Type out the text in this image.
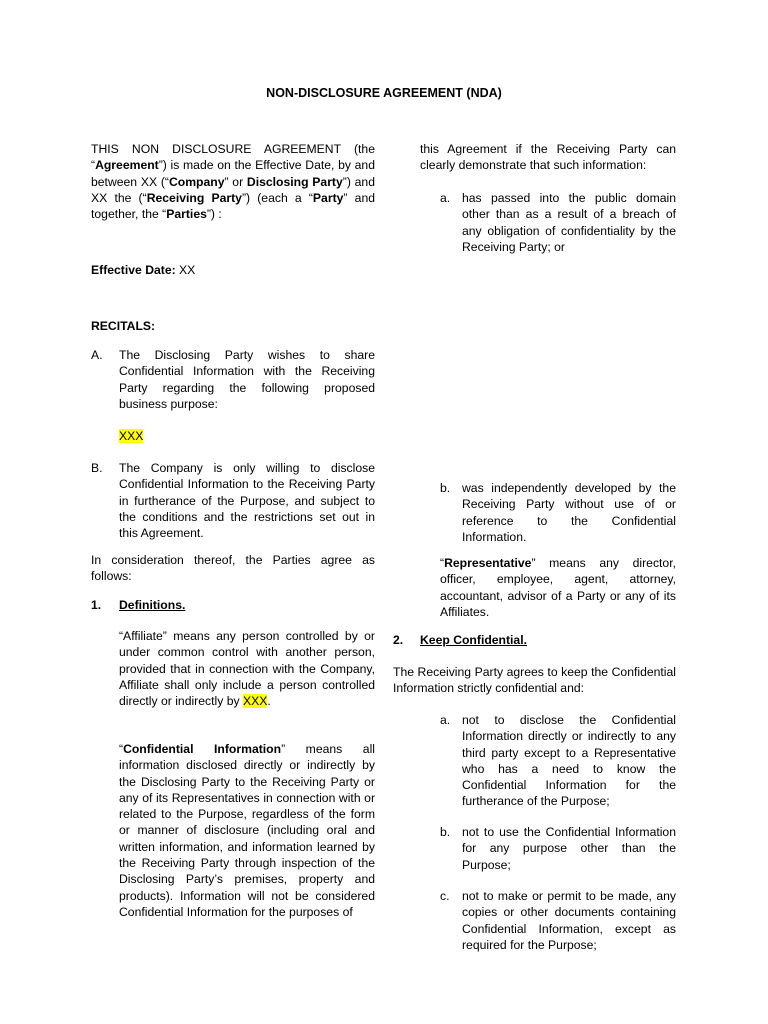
NON-DISCLOSURE AGREEMENT (NDA)
THIS NON DISCLOSURE AGREEMENT (the “Agreement”) is made on the Effective Date, by and between XX (“Company” or Disclosing Party”) and XX the (“Receiving Party”) (each a “Party” and together, the “Parties”) :
Effective Date: XX
RECITALS:
A. The Disclosing Party wishes to share Confidential Information with the Receiving Party regarding the following proposed business purpose:
XXX
B. The Company is only willing to disclose Confidential Information to the Receiving Party in furtherance of the Purpose, and subject to the conditions and the restrictions set out in this Agreement.
In consideration thereof, the Parties agree as follows:
1. Definitions.
“Affiliate” means any person controlled by or under common control with another person, provided that in connection with the Company, Affiliate shall only include a person controlled directly or indirectly by XXX.
“Confidential Information” means all information disclosed directly or indirectly by the Disclosing Party to the Receiving Party or any of its Representatives in connection with or related to the Purpose, regardless of the form or manner of disclosure (including oral and written information, and information learned by the Receiving Party through inspection of the Disclosing Party’s premises, property and products). Information will not be considered Confidential Information for the purposes of
this Agreement if the Receiving Party can clearly demonstrate that such information:
a. has passed into the public domain other than as a result of a breach of any obligation of confidentiality by the Receiving Party; or
b. was independently developed by the Receiving Party without use of or reference to the Confidential Information.
“Representative” means any director, officer, employee, agent, attorney, accountant, advisor of a Party or any of its Affiliates.
2. Keep Confidential.
The Receiving Party agrees to keep the Confidential Information strictly confidential and:
a. not to disclose the Confidential Information directly or indirectly to any third party except to a Representative who has a need to know the Confidential Information for the furtherance of the Purpose;
b. not to use the Confidential Information for any purpose other than the Purpose;
c. not to make or permit to be made, any copies or other documents containing Confidential Information, except as required for the Purpose;
